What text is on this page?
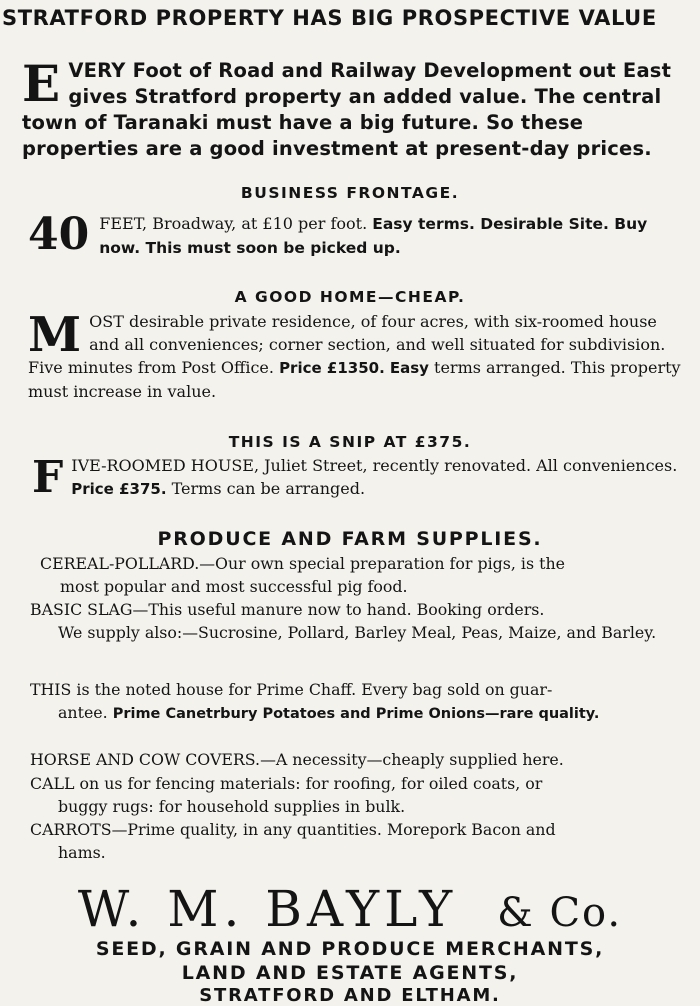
STRATFORD PROPERTY HAS BIG PROSPECTIVE VALUE
E VERY Foot of Road and Railway Development out East gives Stratford property an added value. The central town of Taranaki must have a big future. So these properties are a good investment at present-day prices.
BUSINESS FRONTAGE.
40 FEET, Broadway, at £10 per foot. Easy terms. Desirable Site. Buy now. This must soon be picked up.
A GOOD HOME—CHEAP.
M OST desirable private residence, of four acres, with six-roomed house and all conveniences; corner section, and well situated for subdivision. Five minutes from Post Office. Price £1350. Easy terms arranged. This property must increase in value.
THIS IS A SNIP AT £375.
F IVE-ROOMED HOUSE, Juliet Street, recently renovated. All conveniences. Price £375. Terms can be arranged.
PRODUCE AND FARM SUPPLIES.
CEREAL-POLLARD.—Our own special preparation for pigs, is the
most popular and most successful pig food.
BASIC SLAG—This useful manure now to hand. Booking orders.
We supply also:—Sucrosine, Pollard, Barley Meal, Peas, Maize, and Barley.
THIS is the noted house for Prime Chaff. Every bag sold on guar-
antee. Prime Canetrbury Potatoes and Prime Onions—rare quality.
HORSE AND COW COVERS.—A necessity—cheaply supplied here.
CALL on us for fencing materials: for roofing, for oiled coats, or
buggy rugs: for household supplies in bulk.
CARROTS—Prime quality, in any quantities. Morepork Bacon and
hams.
W. M. BAYLY & Co.
SEED, GRAIN AND PRODUCE MERCHANTS,
LAND AND ESTATE AGENTS,
STRATFORD AND ELTHAM.
